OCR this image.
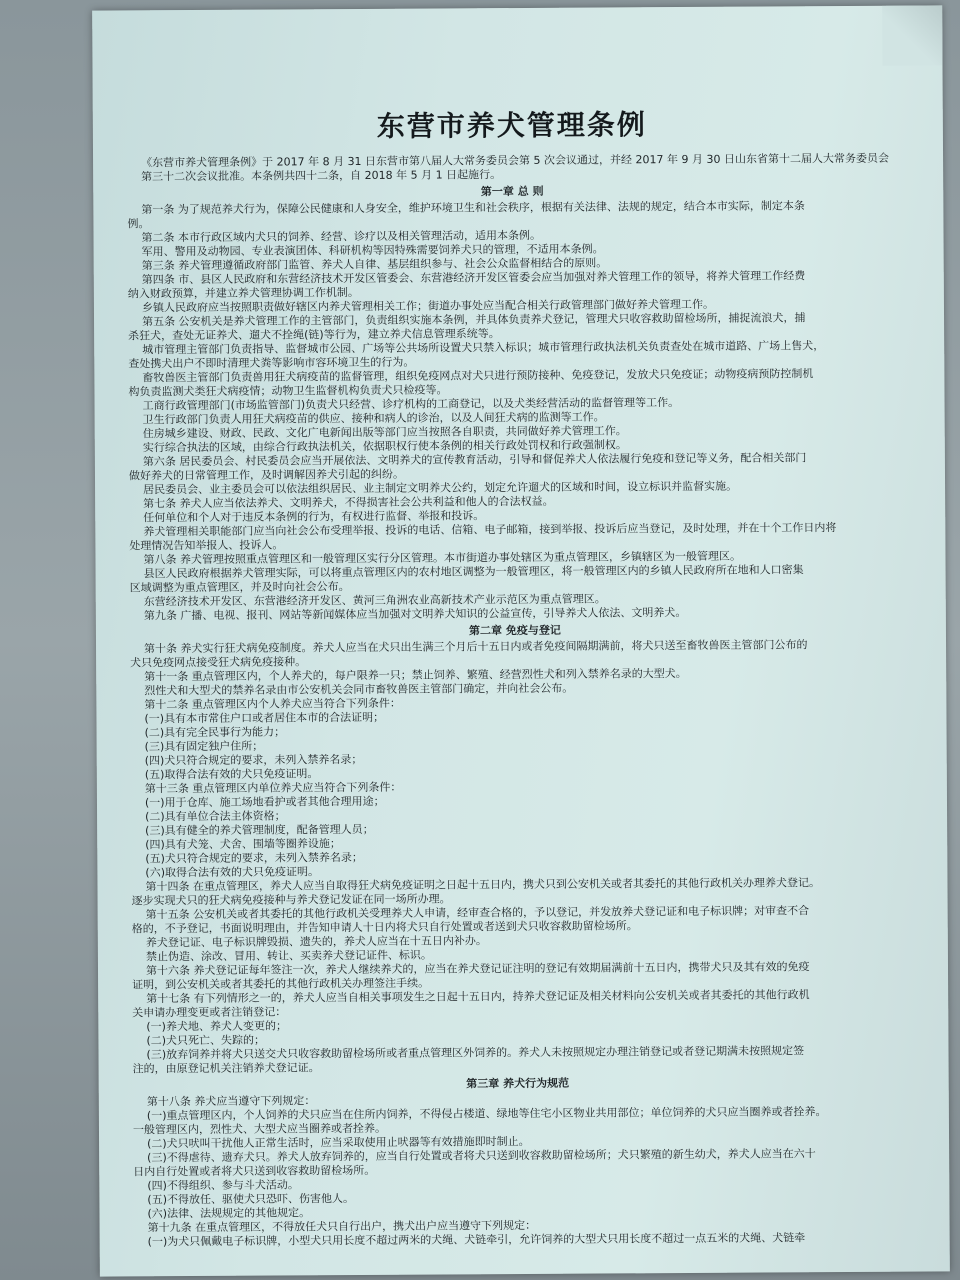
东营市养犬管理条例

《东营市养犬管理条例》于 2017 年 8 月 31 日东营市第八届人大常务委员会第 5 次会议通过，并经 2017 年 9 月 30 日山东省第十二届人大常务委员会第三十二次会议批准。本条例共四十二条，自 2018 年 5 月 1 日起施行。

第一章 总 则

第一条 为了规范养犬行为，保障公民健康和人身安全，维护环境卫生和社会秩序，根据有关法律、法规的规定，结合本市实际，制定本条

例。

第二条 本市行政区域内犬只的饲养、经营、诊疗以及相关管理活动，适用本条例。

军用、警用及动物园、专业表演团体、科研机构等因特殊需要饲养犬只的管理，不适用本条例。

第三条 养犬管理遵循政府部门监管、养犬人自律、基层组织参与、社会公众监督相结合的原则。

第四条 市、县区人民政府和东营经济技术开发区管委会、东营港经济开发区管委会应当加强对养犬管理工作的领导，将养犬管理工作经费

纳入财政预算，并建立养犬管理协调工作机制。

乡镇人民政府应当按照职责做好辖区内养犬管理相关工作；街道办事处应当配合相关行政管理部门做好养犬管理工作。

第五条 公安机关是养犬管理工作的主管部门，负责组织实施本条例，并具体负责养犬登记，管理犬只收容救助留检场所，捕捉流浪犬，捕

杀狂犬，查处无证养犬、遛犬不拴绳(链)等行为，建立养犬信息管理系统等。

城市管理主管部门负责指导、监督城市公园、广场等公共场所设置犬只禁入标识；城市管理行政执法机关负责查处在城市道路、广场上售犬，

查处携犬出户不即时清理犬粪等影响市容环境卫生的行为。

畜牧兽医主管部门负责兽用狂犬病疫苗的监督管理，组织免疫网点对犬只进行预防接种、免疫登记，发放犬只免疫证；动物疫病预防控制机

构负责监测犬类狂犬病疫情；动物卫生监督机构负责犬只检疫等。

工商行政管理部门(市场监管部门)负责犬只经营、诊疗机构的工商登记，以及犬类经营活动的监督管理等工作。

卫生行政部门负责人用狂犬病疫苗的供应、接种和病人的诊治，以及人间狂犬病的监测等工作。

住房城乡建设、财政、民政、文化广电新闻出版等部门应当按照各自职责，共同做好养犬管理工作。

实行综合执法的区域，由综合行政执法机关，依据职权行使本条例的相关行政处罚权和行政强制权。

第六条 居民委员会、村民委员会应当开展依法、文明养犬的宣传教育活动，引导和督促养犬人依法履行免疫和登记等义务，配合相关部门

做好养犬的日常管理工作，及时调解因养犬引起的纠纷。

居民委员会、业主委员会可以依法组织居民、业主制定文明养犬公约，划定允许遛犬的区域和时间，设立标识并监督实施。

第七条 养犬人应当依法养犬、文明养犬，不得损害社会公共利益和他人的合法权益。

任何单位和个人对于违反本条例的行为，有权进行监督、举报和投诉。

养犬管理相关职能部门应当向社会公布受理举报、投诉的电话、信箱、电子邮箱，接到举报、投诉后应当登记，及时处理，并在十个工作日内将

处理情况告知举报人、投诉人。

第八条 养犬管理按照重点管理区和一般管理区实行分区管理。本市街道办事处辖区为重点管理区，乡镇辖区为一般管理区。

县区人民政府根据养犬管理实际，可以将重点管理区内的农村地区调整为一般管理区，将一般管理区内的乡镇人民政府所在地和人口密集

区域调整为重点管理区，并及时向社会公布。

东营经济技术开发区、东营港经济开发区、黄河三角洲农业高新技术产业示范区为重点管理区。

第九条 广播、电视、报刊、网站等新闻媒体应当加强对文明养犬知识的公益宣传，引导养犬人依法、文明养犬。

第二章 免疫与登记

第十条 养犬实行狂犬病免疫制度。养犬人应当在犬只出生满三个月后十五日内或者免疫间隔期满前，将犬只送至畜牧兽医主管部门公布的

犬只免疫网点接受狂犬病免疫接种。

第十一条 重点管理区内，个人养犬的，每户限养一只；禁止饲养、繁殖、经营烈性犬和列入禁养名录的大型犬。

烈性犬和大型犬的禁养名录由市公安机关会同市畜牧兽医主管部门确定，并向社会公布。

第十二条 重点管理区内个人养犬应当符合下列条件：

(一)具有本市常住户口或者居住本市的合法证明；

(二)具有完全民事行为能力；

(三)具有固定独户住所；

(四)犬只符合规定的要求，未列入禁养名录；

(五)取得合法有效的犬只免疫证明。

第十三条 重点管理区内单位养犬应当符合下列条件：

(一)用于仓库、施工场地看护或者其他合理用途；

(二)具有单位合法主体资格；

(三)具有健全的养犬管理制度，配备管理人员；

(四)具有犬笼、犬舍、围墙等圈养设施；

(五)犬只符合规定的要求，未列入禁养名录；

(六)取得合法有效的犬只免疫证明。

第十四条 在重点管理区，养犬人应当自取得狂犬病免疫证明之日起十五日内，携犬只到公安机关或者其委托的其他行政机关办理养犬登记。

逐步实现犬只的狂犬病免疫接种与养犬登记发证在同一场所办理。

第十五条 公安机关或者其委托的其他行政机关受理养犬人申请，经审查合格的，予以登记，并发放养犬登记证和电子标识牌；对审查不合

格的，不予登记，书面说明理由，并告知申请人十日内将犬只自行处置或者送到犬只收容救助留检场所。

养犬登记证、电子标识牌毁损、遗失的，养犬人应当在十五日内补办。

禁止伪造、涂改、冒用、转让、买卖养犬登记证件、标识。

第十六条 养犬登记证每年签注一次，养犬人继续养犬的，应当在养犬登记证注明的登记有效期届满前十五日内，携带犬只及其有效的免疫

证明，到公安机关或者其委托的其他行政机关办理签注手续。

第十七条 有下列情形之一的，养犬人应当自相关事项发生之日起十五日内，持养犬登记证及相关材料向公安机关或者其委托的其他行政机

关申请办理变更或者注销登记：

(一)养犬地、养犬人变更的；

(二)犬只死亡、失踪的；

(三)放弃饲养并将犬只送交犬只收容救助留检场所或者重点管理区外饲养的。养犬人未按照规定办理注销登记或者登记期满未按照规定签

注的，由原登记机关注销养犬登记证。

第三章 养犬行为规范

第十八条 养犬应当遵守下列规定：

(一)重点管理区内，个人饲养的犬只应当在住所内饲养，不得侵占楼道、绿地等住宅小区物业共用部位；单位饲养的犬只应当圈养或者拴养。

一般管理区内，烈性犬、大型犬应当圈养或者拴养。

(二)犬只吠叫干扰他人正常生活时，应当采取使用止吠器等有效措施即时制止。

(三)不得虐待、遗弃犬只。养犬人放弃饲养的，应当自行处置或者将犬只送到收容救助留检场所；犬只繁殖的新生幼犬，养犬人应当在六十

日内自行处置或者将犬只送到收容救助留检场所。

(四)不得组织、参与斗犬活动。

(五)不得放任、驱使犬只恐吓、伤害他人。

(六)法律、法规规定的其他规定。

第十九条 在重点管理区，不得放任犬只自行出户，携犬出户应当遵守下列规定：

(一)为犬只佩戴电子标识牌，小型犬只用长度不超过两米的犬绳、犬链牵引，允许饲养的大型犬只用长度不超过一点五米的犬绳、犬链牵
